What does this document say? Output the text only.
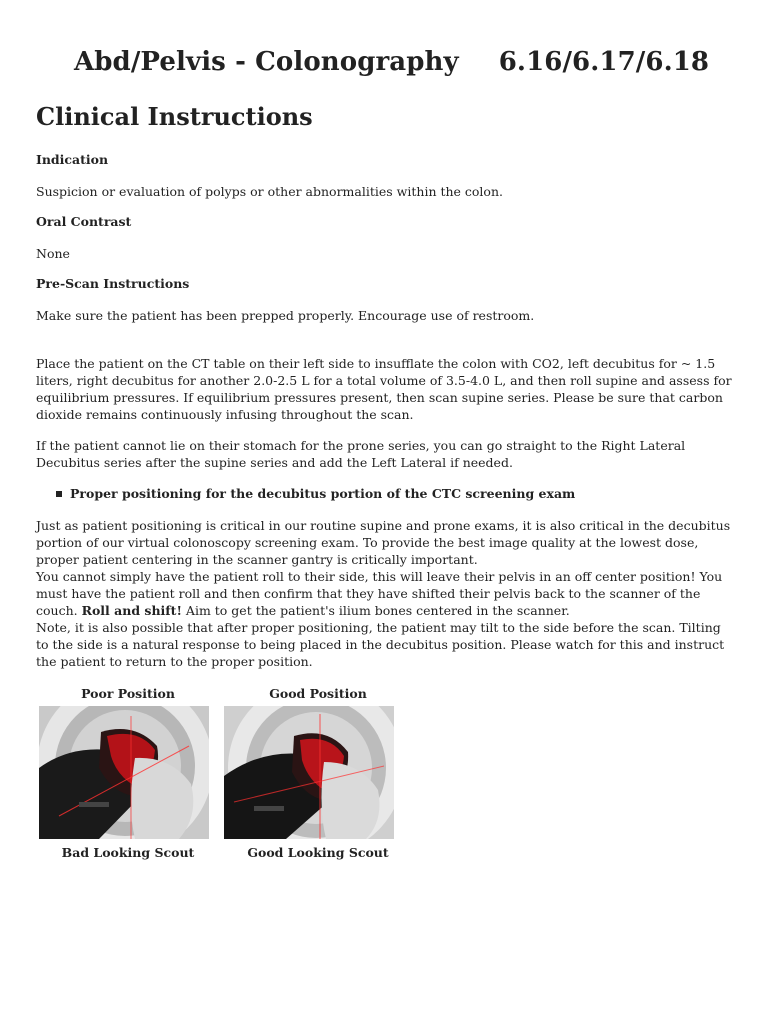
Abd/Pelvis - Colonography 6.16/6.17/6.18
Clinical Instructions

Indication

Suspicion or evaluation of polyps or other abnormalities within the colon.

Oral Contrast

None

Pre-Scan Instructions

Make sure the patient has been prepped properly. Encourage use of restroom.

Place the patient on the CT table on their left side to insufflate the colon with CO2, left decubitus for ~ 1.5 liters, right decubitus for another 2.0-2.5 L for a total volume of 3.5-4.0 L, and then roll supine and assess for equilibrium pressures. If equilibrium pressures present, then scan supine series. Please be sure that carbon dioxide remains continuously infusing throughout the scan.

If the patient cannot lie on their stomach for the prone series, you can go straight to the Right Lateral Decubitus series after the supine series and add the Left Lateral if needed.

Proper positioning for the decubitus portion of the CTC screening exam

Just as patient positioning is critical in our routine supine and prone exams, it is also critical in the decubitus portion of our virtual colonoscopy screening exam. To provide the best image quality at the lowest dose, proper patient centering in the scanner gantry is critically important.

You cannot simply have the patient roll to their side, this will leave their pelvis in an off center position! You must have the patient roll and then confirm that they have shifted their pelvis back to the scanner of the couch. Roll and shift! Aim to get the patient's ilium bones centered in the scanner.

Note, it is also possible that after proper positioning, the patient may tilt to the side before the scan. Tilting to the side is a natural response to being placed in the decubitus position. Please watch for this and instruct the patient to return to the proper position.

Poor Position	Good Position

Bad Looking Scout	Good Looking Scout
